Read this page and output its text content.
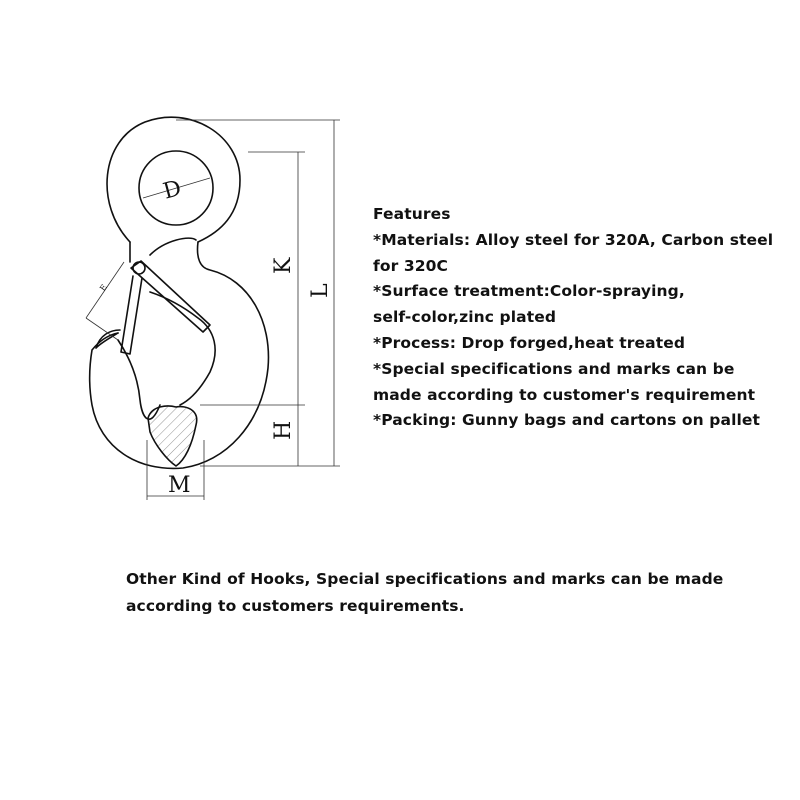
D
K
L
H
M
E
Features
*Materials: Alloy steel for 320A, Carbon steel
for 320C
*Surface treatment:Color-spraying,
self-color,zinc plated
*Process: Drop forged,heat treated
*Special specifications and marks can be
made according to customer's requirement
*Packing: Gunny bags and cartons on pallet
Other Kind of Hooks, Special specifications and marks can be made
according to customers requirements.
